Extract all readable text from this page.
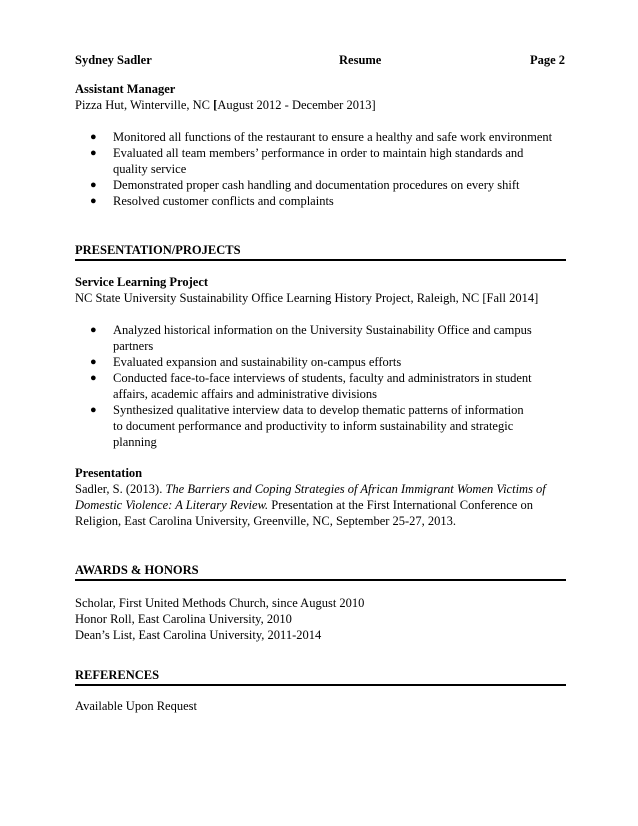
Sydney Sadler	Resume	Page 2
Assistant Manager
Pizza Hut, Winterville, NC [August 2012 - December 2013]
● Monitored all functions of the restaurant to ensure a healthy and safe work environment
● Evaluated all team members’ performance in order to maintain high standards and quality service
● Demonstrated proper cash handling and documentation procedures on every shift
● Resolved customer conflicts and complaints
PRESENTATION/PROJECTS
Service Learning Project
NC State University Sustainability Office Learning History Project, Raleigh, NC [Fall 2014]
● Analyzed historical information on the University Sustainability Office and campus partners
● Evaluated expansion and sustainability on-campus efforts
● Conducted face-to-face interviews of students, faculty and administrators in student affairs, academic affairs and administrative divisions
● Synthesized qualitative interview data to develop thematic patterns of information to document performance and productivity to inform sustainability and strategic planning
Presentation
Sadler, S. (2013). The Barriers and Coping Strategies of African Immigrant Women Victims of Domestic Violence: A Literary Review. Presentation at the First International Conference on Religion, East Carolina University, Greenville, NC, September 25-27, 2013.
AWARDS & HONORS
Scholar, First United Methods Church, since August 2010
Honor Roll, East Carolina University, 2010
Dean’s List, East Carolina University, 2011-2014
REFERENCES
Available Upon Request
